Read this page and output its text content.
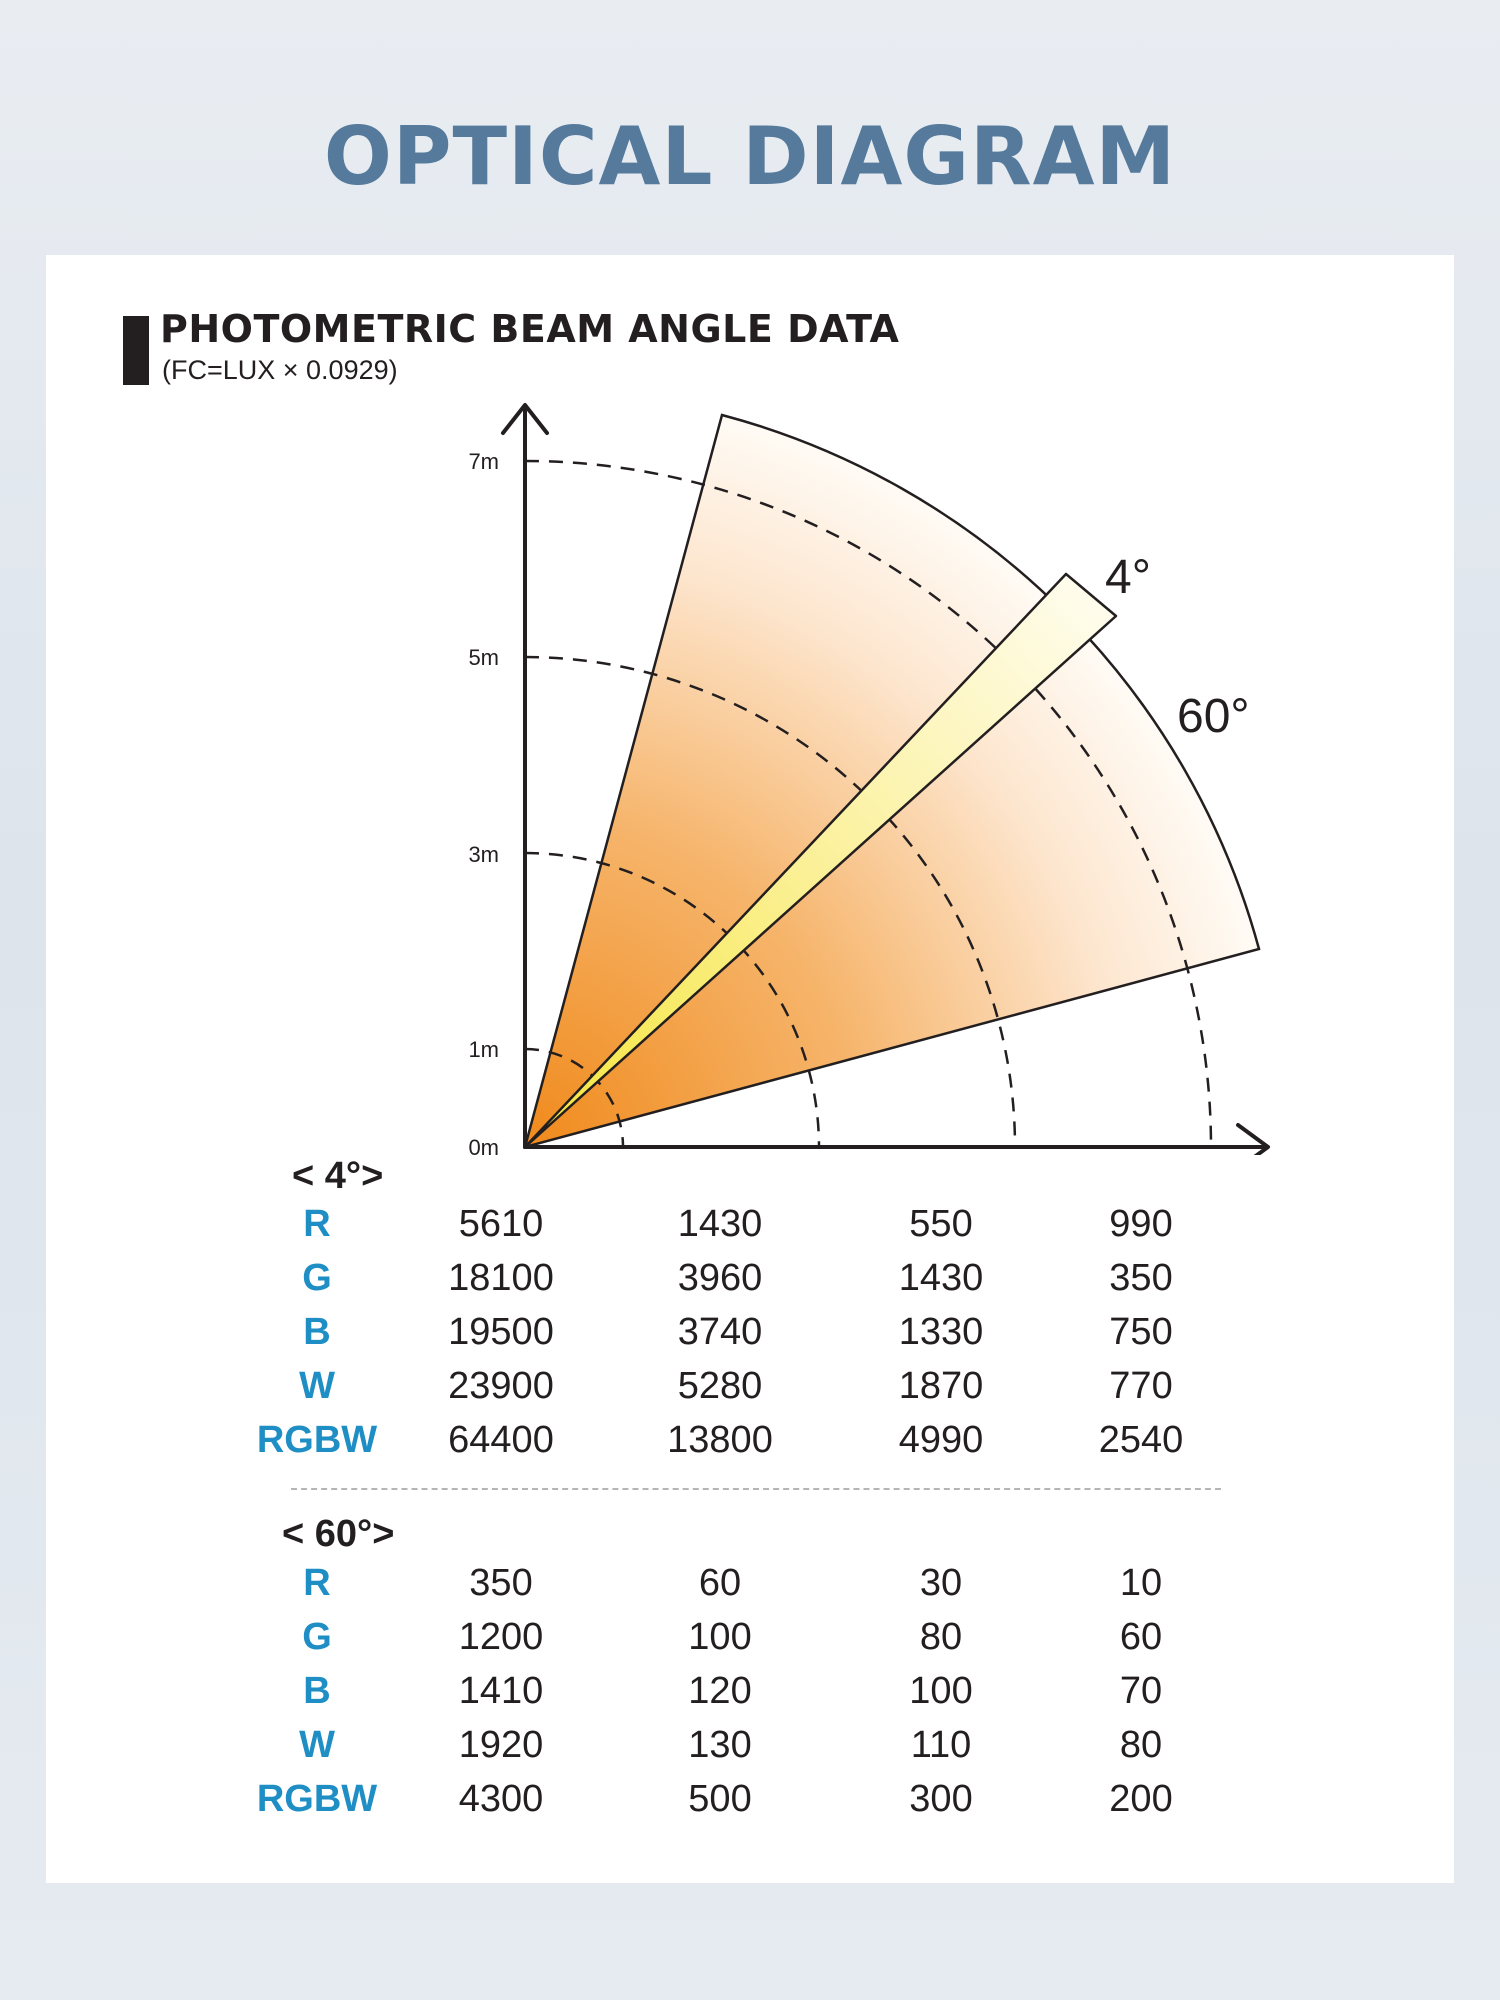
OPTICAL DIAGRAM
PHOTOMETRIC BEAM ANGLE DATA
(FC=LUX × 0.0929)
0m
1m
3m
5m
7m
4°
60°
< 4°>
R	5610	1430	550	990
G	18100	3960	1430	350
B	19500	3740	1330	750
W	23900	5280	1870	770
RGBW	64400	13800	4990	2540
< 60°>
R	350	60	30	10
G	1200	100	80	60
B	1410	120	100	70
W	1920	130	110	80
RGBW	4300	500	300	200
